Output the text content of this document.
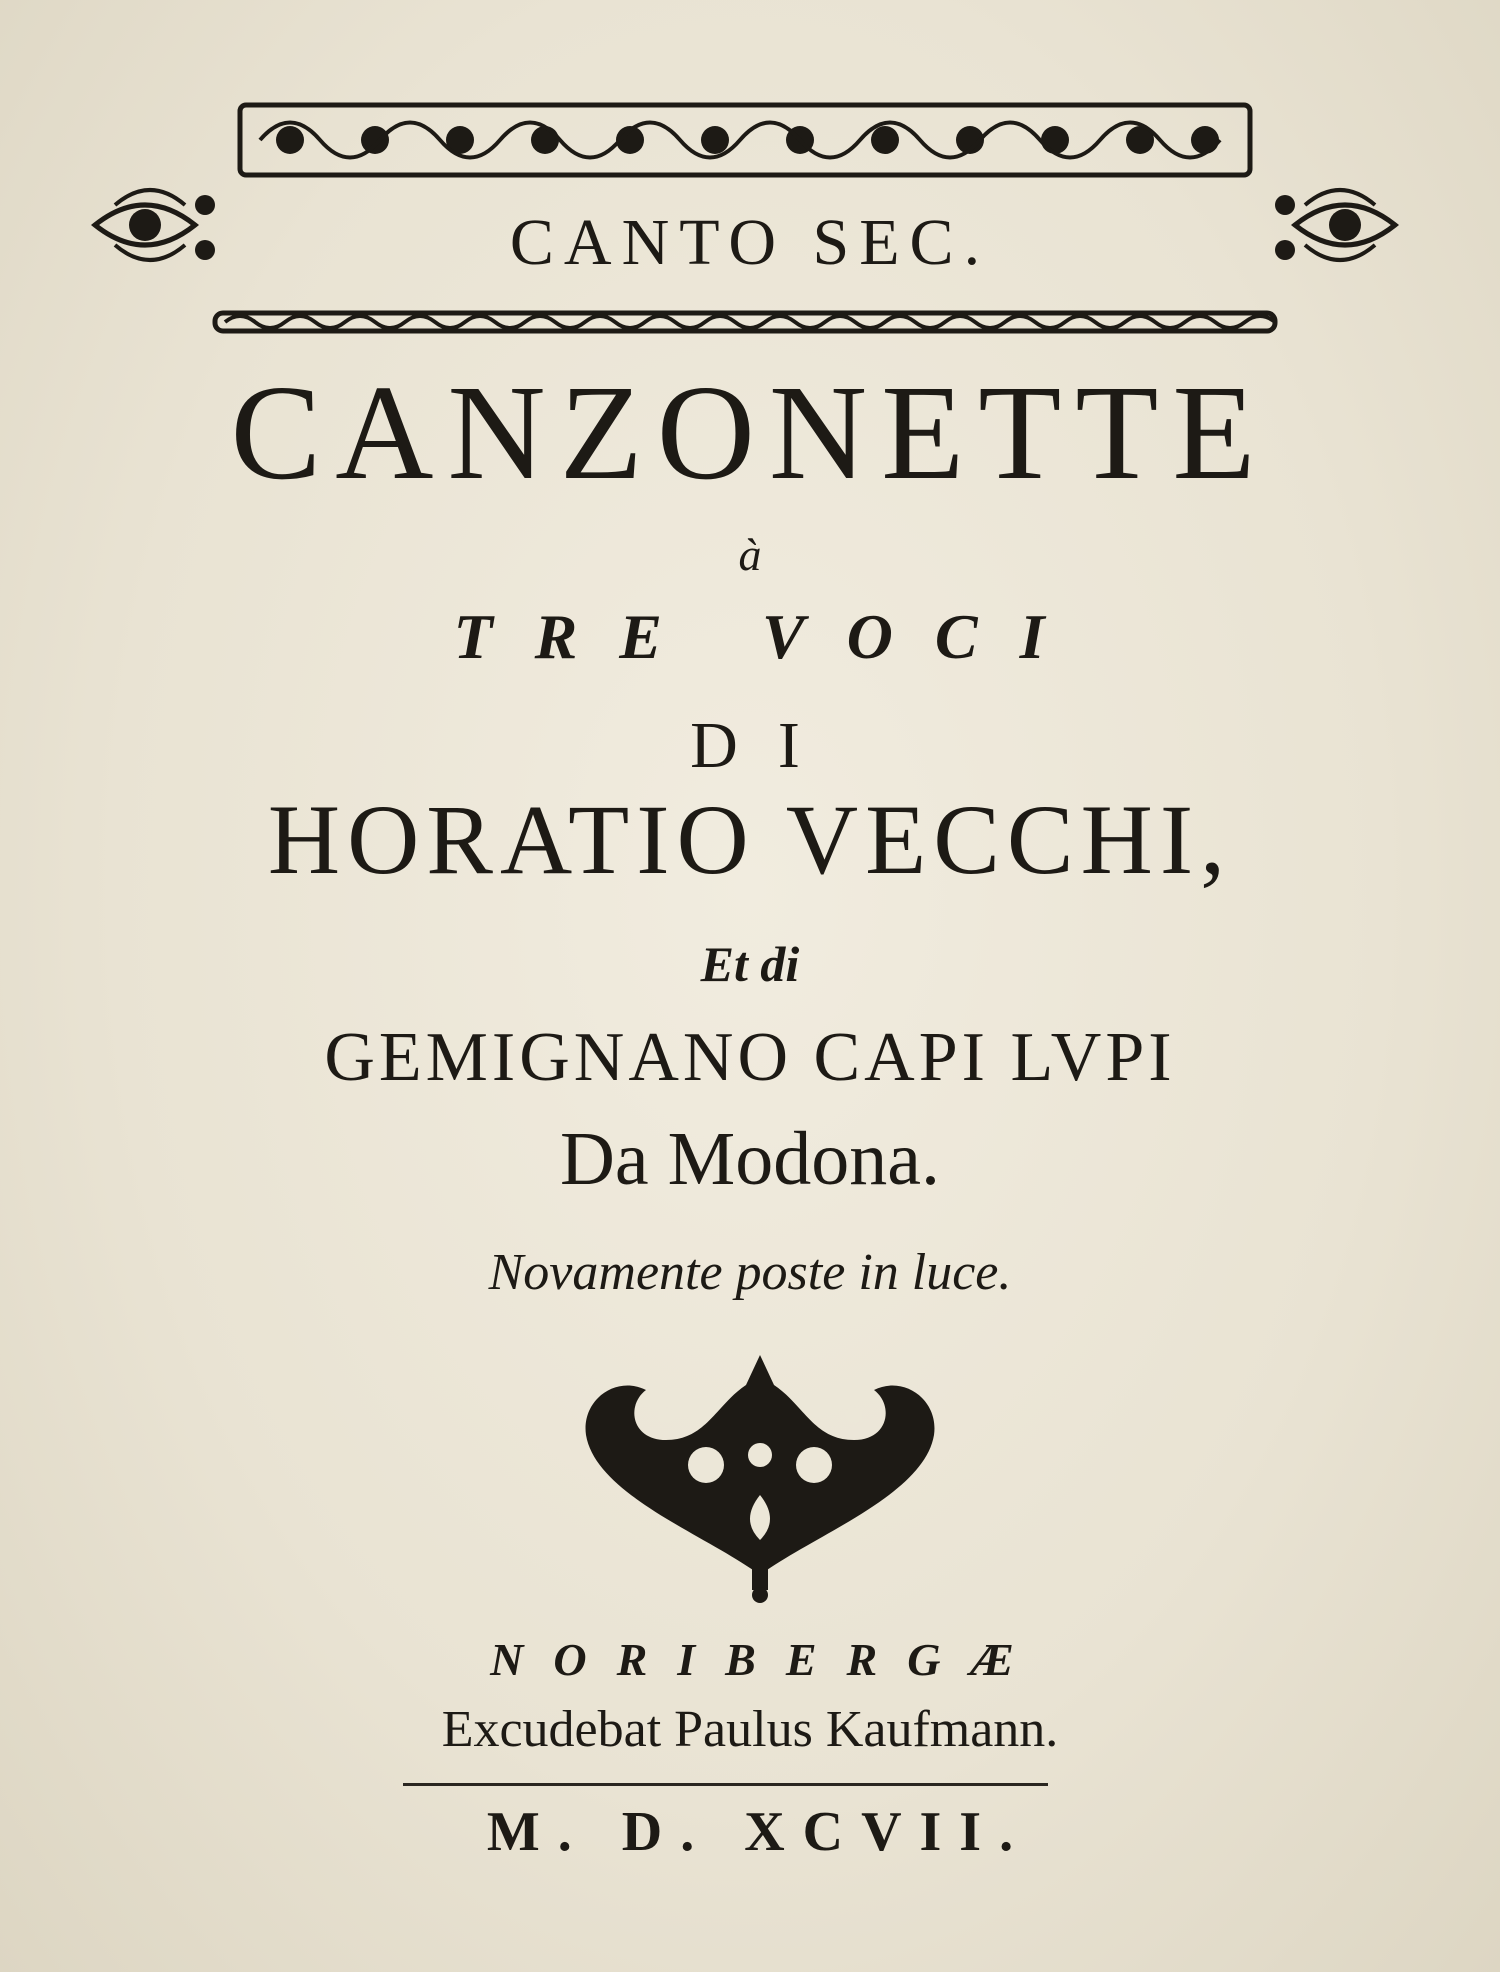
CANTO SEC.
CANZONETTE
à
TRE VOCI
DI
HORATIO VECCHI,
Et di
GEMIGNANO CAPI LVPI
Da Modona.
Novamente poste in luce.
NORIBERGÆ
Excudebat Paulus Kaufmann.
M. D. XCVII.
